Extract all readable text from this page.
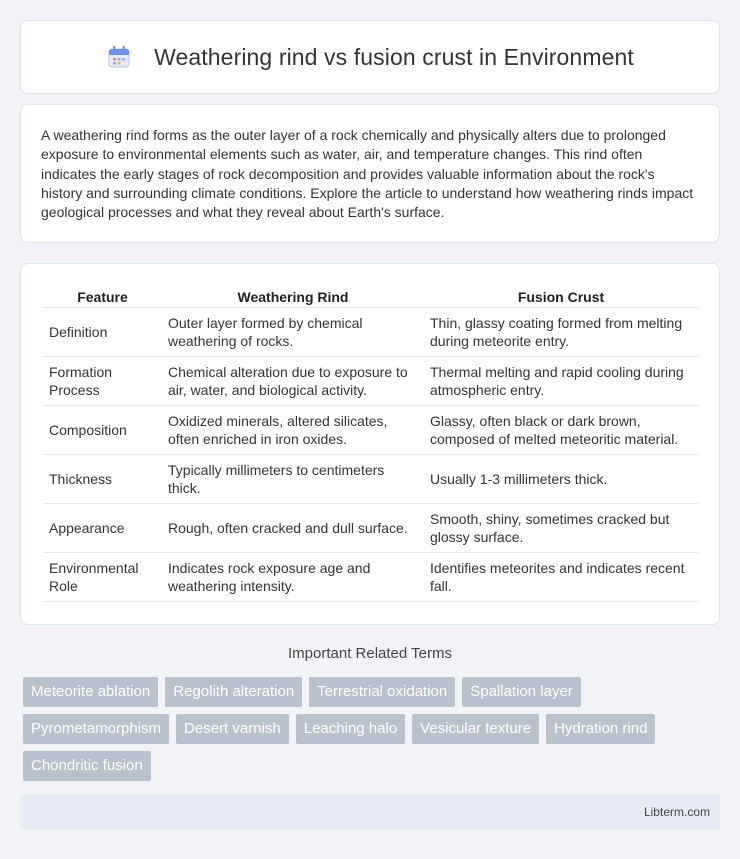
Weathering rind vs fusion crust in Environment

A weathering rind forms as the outer layer of a rock chemically and physically alters due to prolonged exposure to environmental elements such as water, air, and temperature changes. This rind often indicates the early stages of rock decomposition and provides valuable information about the rock's history and surrounding climate conditions. Explore the article to understand how weathering rinds impact geological processes and what they reveal about Earth's surface.

Feature	Weathering Rind	Fusion Crust
Definition	Outer layer formed by chemical weathering of rocks.	Thin, glassy coating formed from melting during meteorite entry.
Formation Process	Chemical alteration due to exposure to air, water, and biological activity.	Thermal melting and rapid cooling during atmospheric entry.
Composition	Oxidized minerals, altered silicates, often enriched in iron oxides.	Glassy, often black or dark brown, composed of melted meteoritic material.
Thickness	Typically millimeters to centimeters thick.	Usually 1-3 millimeters thick.
Appearance	Rough, often cracked and dull surface.	Smooth, shiny, sometimes cracked but glossy surface.
Environmental Role	Indicates rock exposure age and weathering intensity.	Identifies meteorites and indicates recent fall.
Important Related Terms
Meteorite ablation	Regolith alteration	Terrestrial oxidation	Spallation layer
Pyrometamorphism	Desert varnish	Leaching halo	Vesicular texture	Hydration rind
Chondritic fusion
Libterm.com
